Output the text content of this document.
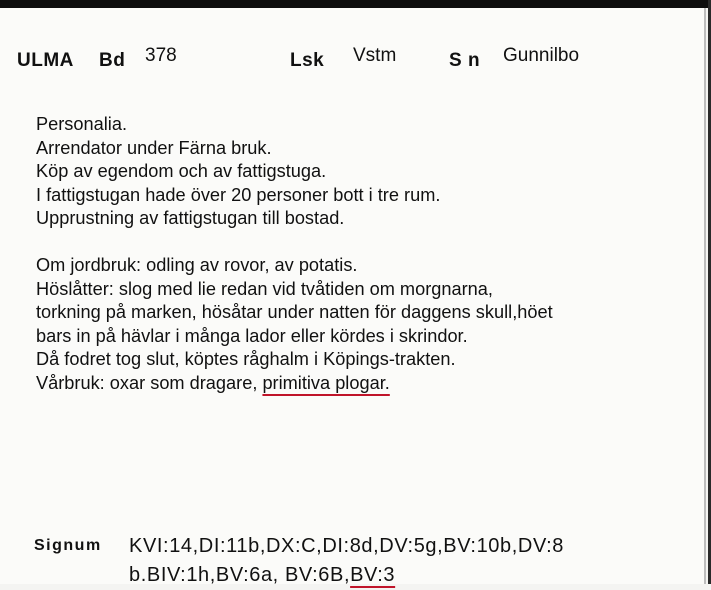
ULMA Bd 378	Lsk Vstm	S n Gunnilbo
Personalia.
Arrendator under Färna bruk.
Köp av egendom och av fattigstuga.
I fattigstugan hade över 20 personer bott i tre rum.
Upprustning av fattigstugan till bostad.
Om jordbruk: odling av rovor, av potatis.
Höslåtter: slog med lie redan vid tvåtiden om morgnarna,
torkning på marken, hösåtar under natten för daggens skull,höet
bars in på hävlar i många lador eller kördes i skrindor.
Då fodret tog slut, köptes råghalm i Köpings-trakten.
Vårbruk: oxar som dragare, primitiva plogar.
Signum KVI:14,DI:11b,DX:C,DI:8d,DV:5g,BV:10b,DV:8
b.BIV:1h,BV:6a, BV:6B,BV:3
